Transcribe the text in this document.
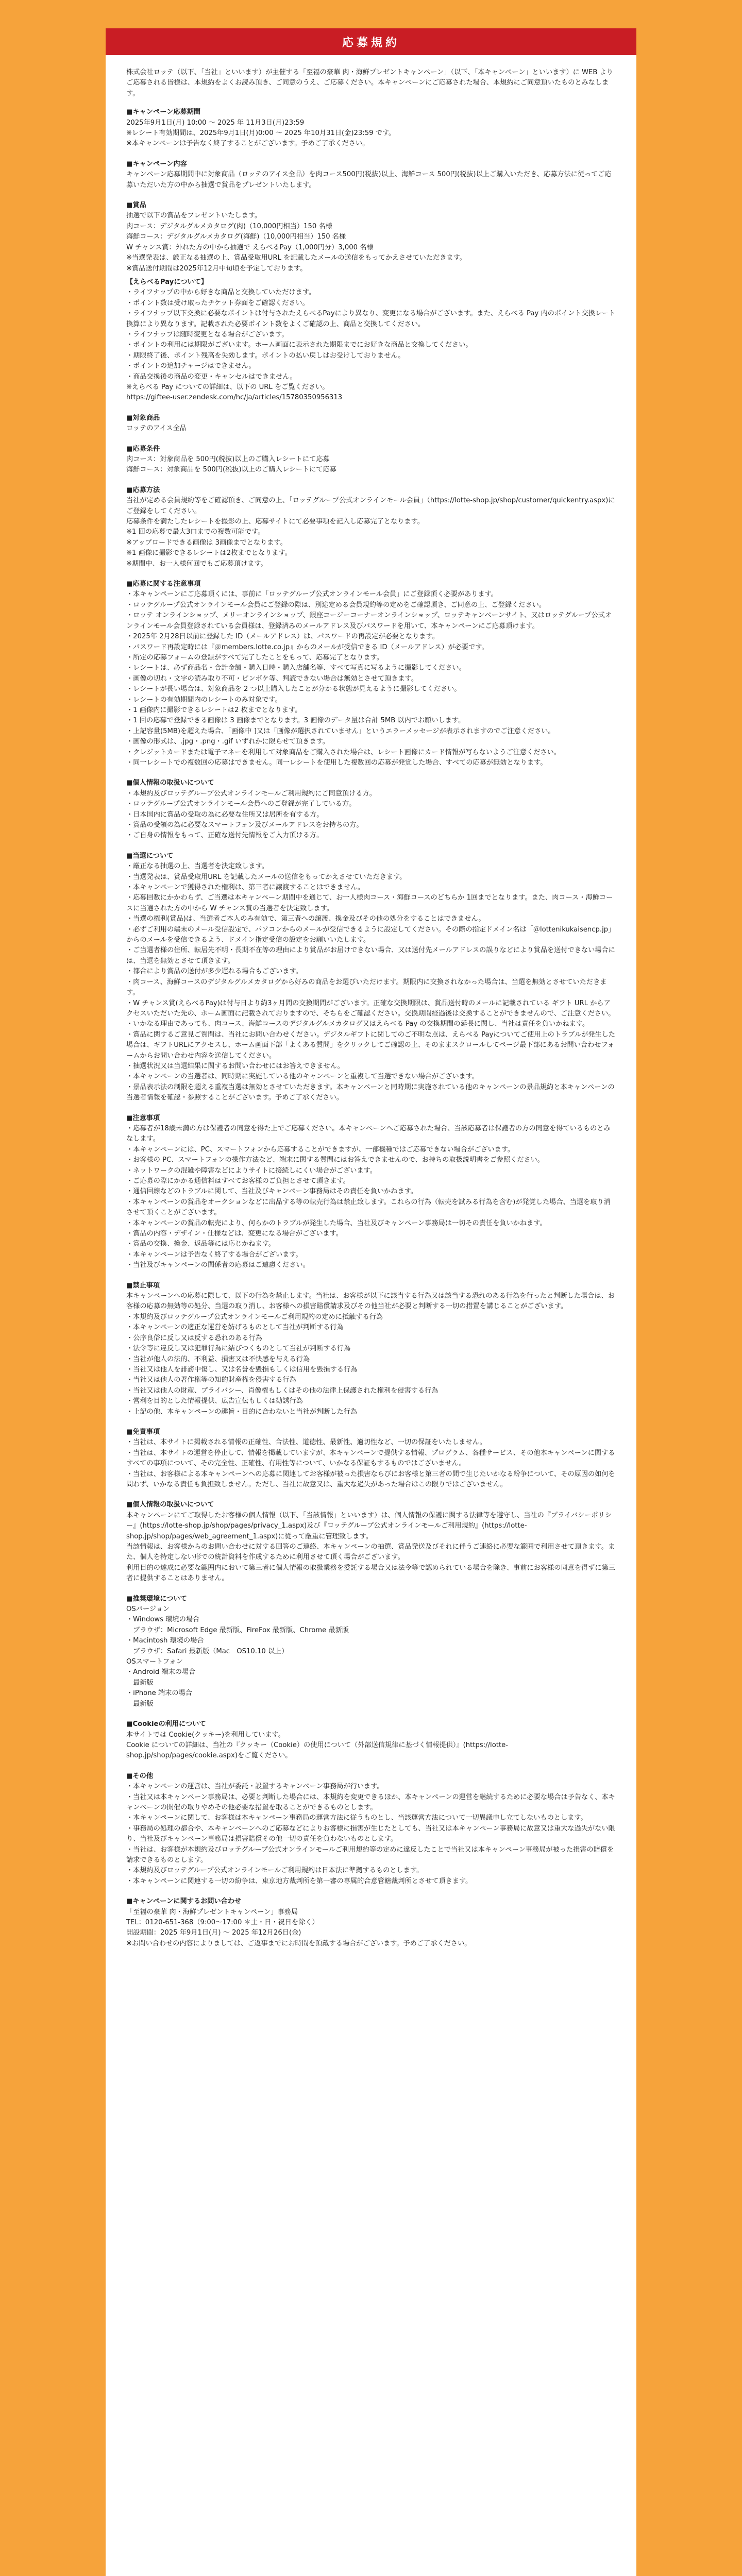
応募規約

株式会社ロッテ（以下、「当社」といいます）が主催する「至福の豪華 肉・海鮮プレゼントキャンペーン」（以下、「本キャンペーン」といいます）に WEB よりご応募される皆様は、本規約をよくお読み頂き、ご同意のうえ、ご応募ください。本キャンペーンにご応募された場合、本規約にご同意頂いたものとみなします。

■キャンペーン応募期間

2025年9月1日(月) 10:00 ～ 2025 年 11月3日(月)23:59

※レシート有効期間は、2025年9月1日(月)0:00 ～ 2025 年10月31日(金)23:59 です。

※本キャンペーンは予告なく終了することがございます。予めご了承ください。

■キャンペーン内容

キャンペーン応募期間中に対象商品（ロッテのアイス全品）を肉コース500円(税抜)以上、海鮮コース 500円(税抜)以上ご購入いただき、応募方法に従ってご応募いただいた方の中から抽選で賞品をプレゼントいたします。

■賞品

抽選で以下の賞品をプレゼントいたします。

肉コース：デジタルグルメカタログ(肉)（10,000円相当）150 名様

海鮮コース：デジタルグルメカタログ(海鮮)（10,000円相当）150 名様

W チャンス賞：外れた方の中から抽選で えらべるPay（1,000円分）3,000 名様

※当選発表は、厳正なる抽選の上、賞品受取用URL を記載したメールの送信をもってかえさせていただきます。

※賞品送付期間は2025年12月中旬頃を予定しております。

【えらべるPayについて】

・ライフナップの中から好きな商品と交換していただけます。

・ポイント数は受け取ったチケット券面をご確認ください。

・ライフナップ以下交換に必要なポイントは付与されたえらべるPayにより異なり、変更になる場合がございます。また、えらべる Pay 内のポイント交換レート換算により異なります。記載された必要ポイント数をよくご確認の上、商品と交換してください。

・ライフナップは随時変更となる場合がございます。

・ポイントの利用には期限がございます。ホーム画面に表示された期限までにお好きな商品と交換してください。

・期限終了後、ポイント残高を失効します。ポイントの払い戻しはお受けしておりません。

・ポイントの追加チャージはできません。

・商品交換後の商品の変更・キャンセルはできません。

※えらべる Pay についての詳細は、以下の URL をご覧ください。

https://giftee-user.zendesk.com/hc/ja/articles/15780350956313

■対象商品

ロッテのアイス全品

■応募条件

肉コース：対象商品を 500円(税抜)以上のご購入レシートにて応募

海鮮コース：対象商品を 500円(税抜)以上のご購入レシートにて応募

■応募方法

当社が定める会員規約等をご確認頂き、ご同意の上、「ロッテグループ公式オンラインモール会員」（https://lotte-shop.jp/shop/customer/quickentry.aspx)にご登録をしてください。

応募条件を満たしたレシートを撮影の上、応募サイトにて必要事項を記入し応募完了となります。

※1 回の応募で最大3口までの複数可能です。

※アップロードできる画像は 3画像までとなります。

※1 画像に撮影できるレシートは2枚までとなります。

※期間中、お一人様何回でもご応募頂けます。

■応募に関する注意事項

・本キャンペーンにご応募頂くには、事前に「ロッテグループ公式オンラインモール会員」にご登録頂く必要があります。

・ロッテグループ公式オンラインモール会員にご登録の際は、別途定める会員規約等の定めをご確認頂き、ご同意の上、ご登録ください。

・ロッテ オンラインショップ、メリーオンラインショップ、銀座コージーコーナーオンラインショップ、ロッテキャンペーンサイト、又はロッテグループ公式オンラインモール会員登録されている会員様は、登録済みのメールアドレス及びパスワードを用いて、本キャンペーンにご応募頂けます。

・2025年 2月28日以前に登録した ID（メールアドレス）は、パスワードの再設定が必要となります。

・パスワード再設定時には『＠members.lotte.co.jp』からのメールが受信できる ID（メールアドレス）が必要です。

・所定の応募フォームの登録がすべて完了したことをもって、応募完了となります。

・レシートは、必ず商品名・合計金額・購入日時・購入店舗名等、すべて写真に写るように撮影してください。

・画像の切れ・文字の読み取り不可・ピンボケ等、判読できない場合は無効とさせて頂きます。

・レシートが長い場合は、対象商品を 2 つ以上購入したことが分かる状態が見えるように撮影してください。

・レシートの有効期間内のレシートのみ対象です。

・1 画像内に撮影できるレシートは2 枚までとなります。

・1 回の応募で登録できる画像は 3 画像までとなります。3 画像のデータ量は合計 5MB 以内でお願いします。

・上記容量(5MB)を超えた場合、「画像中 ]又は「画像が選択されていません」というエラーメッセージが表示されますのでご注意ください。

・画像の形式は、.jpg・.png・.gif いずれかに限らせて頂きます。

・クレジットカードまたは電子マネーを利用して対象商品をご購入された場合は、レシート画像にカード情報が写らないようご注意ください。

・同一レシートでの複数回の応募はできません。同一レシートを使用した複数回の応募が発覚した場合、すべての応募が無効となります。

■個人情報の取扱いについて

・本規約及びロッテグループ公式オンラインモールご利用規約にご同意頂ける方。

・ロッテグループ公式オンラインモール会員へのご登録が完了している方。

・日本国内に賞品の受取の為に必要な住所又は居所を有する方。

・賞品の受領の為に必要なスマートフォン及びメールアドレスをお持ちの方。

・ご自身の情報をもって、正確な送付先情報をご入力頂ける方。

■当選について

・厳正なる抽選の上、当選者を決定致します。

・当選発表は、賞品受取用URL を記載したメールの送信をもってかえさせていただきます。

・本キャンペーンで獲得された権利は、第三者に譲渡することはできません。

・応募回数にかかわらず、ご当選は本キャンペーン期間中を通じて、お一人様肉コース・海鮮コースのどちらか 1回までとなります。また、肉コース・海鮮コースに当選された方の中から W チャンス賞の当選者を決定致します。

・当選の権利(賞品)は、当選者ご本人のみ有効で、第三者への譲渡、換金及びその他の処分をすることはできません。

・必ずご利用の端末のメール受信設定で、パソコンからのメールが受信できるように設定してください。その際の指定ドメイン名は「＠lottenikukaisencp.jp」からのメールを受信できるよう、ドメイン指定受信の設定をお願いいたします。

・ご当選者様の住所、転居先不明・長期不在等の理由により賞品がお届けできない場合、又は送付先メールアドレスの誤りなどにより賞品を送付できない場合には、当選を無効とさせて頂きます。

・都合により賞品の送付が多少遅れる場合もございます。

・肉コース、海鮮コースのデジタルグルメカタログから好みの商品をお選びいただけます。期限内に交換されなかった場合は、当選を無効とさせていただきます。

・W チャンス賞(えらべるPay)は付与日より約3ヶ月間の交換期間がございます。正確な交換期限は、賞品送付時のメールに記載されている ギフト URL からアクセスいただいた先の、ホーム画面に記載されておりますので、そちらをご確認ください。交換期間経過後は交換することができませんので、ご注意ください。

・いかなる理由であっても、肉コース、海鮮コースのデジタルグルメカタログ又はえらべる Pay の交換期間の延長に関し、当社は責任を負いかねます。

・賞品に関するご意見ご質問は、当社にお問い合わせください。デジタルギフトに関してのご不明な点は、えらべる Payについてご使用上のトラブルが発生した場合は、ギフトURLにアクセスし、ホーム画面下部「よくある質問」をクリックしてご確認の上、そのままスクロールしてページ最下部にあるお問い合わせフォームからお問い合わせ内容を送信してください。

・抽選状況又は当選結果に関するお問い合わせにはお答えできません。

・本キャンペーンの当選者は、同時期に実施している他のキャンペーンと重複して当選できない場合がございます。

・景品表示法の制限を超える重複当選は無効とさせていただきます。本キャンペーンと同時期に実施されている他のキャンペーンの景品規約と本キャンペーンの当選者情報を確認・参照することがございます。予めご了承ください。

■注意事項

・応募者が18歳未満の方は保護者の同意を得た上でご応募ください。本キャンペーンへご応募された場合、当該応募者は保護者の方の同意を得ているものとみなします。

・本キャンペーンには、PC、スマートフォンから応募することができますが、一部機種ではご応募できない場合がございます。

・お客様の PC、スマートフォンの操作方法など、端末に関する質問にはお答えできませんので、お持ちの取扱説明書をご参照ください。

・ネットワークの混雑や障害などによりサイトに接続しにくい場合がございます。

・ご応募の際にかかる通信料はすべてお客様のご負担とさせて頂きます。

・通信回線などのトラブルに関して、当社及びキャンペーン事務局はその責任を負いかねます。

・本キャンペーンの賞品をオークションなどに出品する等の転売行為は禁止致します。これらの行為（転売を試みる行為を含む)が発覚した場合、当選を取り消させて頂くことがございます。

・本キャンペーンの賞品の転売により、何らかのトラブルが発生した場合、当社及びキャンペーン事務局は一切その責任を負いかねます。

・賞品の内容・デザイン・仕様などは、変更になる場合がございます。

・賞品の交換、換金、返品等には応じかねます。

・本キャンペーンは予告なく終了する場合がございます。

・当社及びキャンペーンの関係者の応募はご遠慮ください。

■禁止事項

本キャンペーンへの応募に際して、以下の行為を禁止します。当社は、お客様が以下に該当する行為又は該当する恐れのある行為を行ったと判断した場合は、お客様の応募の無効等の処分、当選の取り消し、お客様への損害賠償請求及びその他当社が必要と判断する一切の措置を講じることがございます。

・本規約及びロッテグループ公式オンラインモールご利用規約の定めに抵触する行為

・本キャンペーンの適正な運営を妨げるものとして当社が判断する行為

・公序良俗に反し又は反する恐れのある行為

・法令等に違反し又は犯罪行為に結びつくものとして当社が判断する行為

・当社が他人の法的、不利益、損害又は不快感を与える行為

・当社又は他人を誹謗中傷し、又は名誉を毀損もしくは信用を毀損する行為

・当社又は他人の著作権等の知的財産権を侵害する行為

・当社又は他人の財産、プライバシー、肖像権もしくはその他の法律上保護された権利を侵害する行為

・営利を目的とした情報提供、広告宣伝もしくは勧誘行為

・上記の他、本キャンペーンの趣旨・目的に合わないと当社が判断した行為

■免責事項

・当社は、本サイトに掲載される情報の正確性、合法性、道徳性、最新性、適切性など、一切の保証をいたしません。

・当社は、本サイトの運営を停止して、情報を掲載していますが、本キャンペーンで提供する情報、プログラム、各種サービス、その他本キャンペーンに関するすべての事項について、その完全性、正確性、有用性等について、いかなる保証もするものではございません。

・当社は、お客様による本キャンペーンへの応募に関連してお客様が被った損害ならびにお客様と第三者の間で生じたいかなる紛争について、その原因の如何を問わず、いかなる責任も負担致しません。ただし、当社に故意又は、重大な過失があった場合はこの限りではございません。

■個人情報の取扱いについて

本キャンペーンにてご取得したお客様の個人情報（以下、「当該情報」といいます）は、個人情報の保護に関する法律等を遵守し、当社の『プライバシーポリシー』(https://lotte-shop.jp/shop/pages/privacy_1.aspx)及び『ロッテグループ公式オンラインモールご利用規約』(https://lotte-shop.jp/shop/pages/web_agreement_1.aspx)に従って厳重に管理致します。

当該情報は、お客様からのお問い合わせに対する回答のご連絡、本キャンペーンの抽選、賞品発送及びそれに伴うご連絡に必要な範囲で利用させて頂きます。また、個人を特定しない形での統計資料を作成するために利用させて頂く場合がございます。

利用目的の達成に必要な範囲内において第三者に個人情報の取扱業務を委託する場合又は法令等で認められている場合を除き、事前にお客様の同意を得ずに第三者に提供することはありません。

■推奨環境について

OSバージョン

・Windows 環境の場合

　ブラウザ：Microsoft Edge 最新版、FireFox 最新版、Chrome 最新版

・Macintosh 環境の場合

　ブラウザ：Safari 最新版（Mac　OS10.10 以上）

OSスマートフォン

・Android 端末の場合

　最新版

・iPhone 端末の場合

　最新版

■Cookieの利用について

本サイトでは Cookie(クッキー)を利用しています。

Cookie についての詳細は、当社の『クッキー（Cookie）の使用について（外部送信規律に基づく情報提供）』(https://lotte-shop.jp/shop/pages/cookie.aspx)をご覧ください。

■その他

・本キャンペーンの運営は、当社が委託・設置するキャンペーン事務局が行います。

・当社又は本キャンペーン事務局は、必要と判断した場合には、本規約を変更できるほか、本キャンペーンの運営を継続するために必要な場合は予告なく、本キャンペーンの開催の取りやめその他必要な措置を取ることができるものとします。

・本キャンペーンに関して、お客様は本キャンペーン事務局の運営方法に従うものとし、当該運営方法について一切異議申し立てしないものとします。

・事務局の処理の都合や、本キャンペーンへのご応募などによりお客様に損害が生じたとしても、当社又は本キャンペーン事務局に故意又は重大な過失がない限り、当社及びキャンペーン事務局は損害賠償その他一切の責任を負わないものとします。

・当社は、お客様が本規約及びロッテグループ公式オンラインモールご利用規約等の定めに違反したことで当社又は本キャンペーン事務局が被った損害の賠償を請求できるものとします。

・本規約及びロッテグループ公式オンラインモールご利用規約は日本法に準拠するものとします。

・本キャンペーンに関連する一切の紛争は、東京地方裁判所を第一審の専属的合意管轄裁判所とさせて頂きます。

■キャンペーンに関するお問い合わせ

「至福の豪華 肉・海鮮プレゼントキャンペーン」事務局

TEL：0120-651-368（9:00～17:00 ＊土・日・祝日を除く）

開設期間：2025 年9月1日(月) ～ 2025 年12月26日(金)

※お問い合わせの内容によりましては、ご返事までにお時間を頂戴する場合がございます。予めご了承ください。
